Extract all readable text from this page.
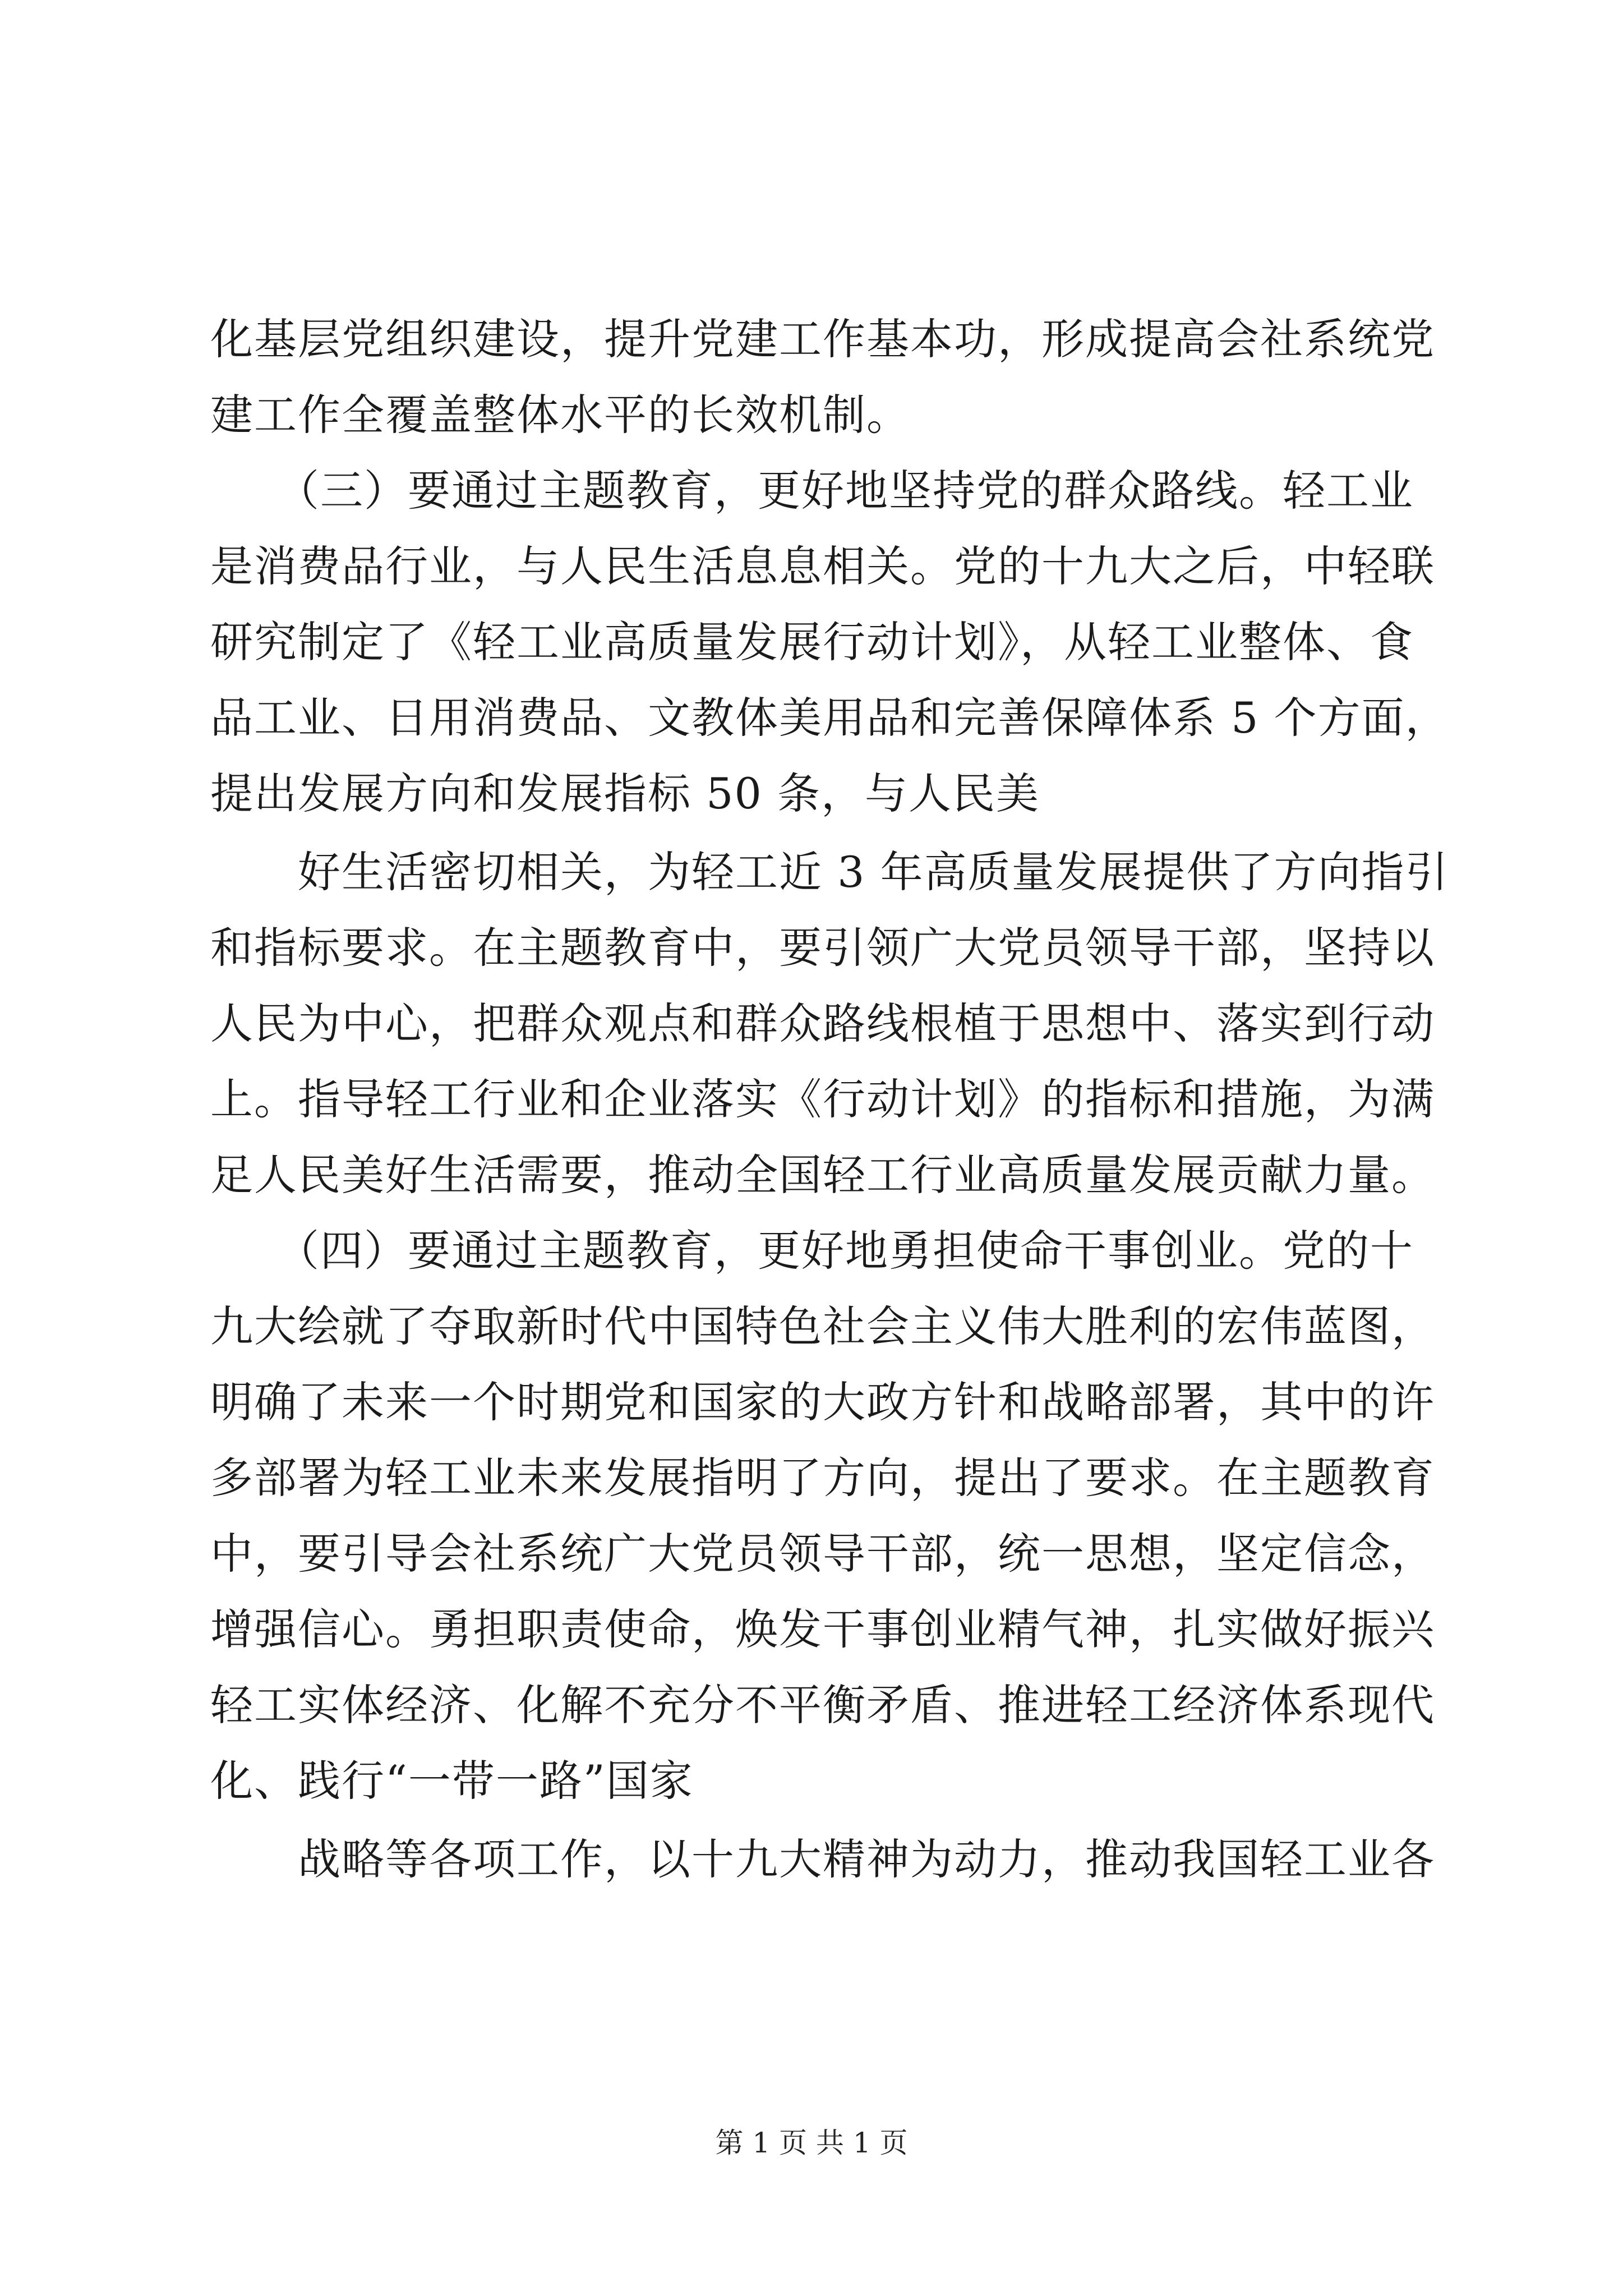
化基层党组织建设，提升党建工作基本功，形成提高会社系统党
建工作全覆盖整体水平的长效机制。
　　（三）要通过主题教育，更好地坚持党的群众路线。轻工业
是消费品行业，与人民生活息息相关。党的十九大之后，中轻联
研究制定了《轻工业高质量发展行动计划》，从轻工业整体、食
品工业、日用消费品、文教体美用品和完善保障体系 5 个方面，
提出发展方向和发展指标 50 条，与人民美
　　好生活密切相关，为轻工近 3 年高质量发展提供了方向指引
和指标要求。在主题教育中，要引领广大党员领导干部，坚持以
人民为中心，把群众观点和群众路线根植于思想中、落实到行动
上。指导轻工行业和企业落实《行动计划》的指标和措施，为满
足人民美好生活需要，推动全国轻工行业高质量发展贡献力量。
　　（四）要通过主题教育，更好地勇担使命干事创业。党的十
九大绘就了夺取新时代中国特色社会主义伟大胜利的宏伟蓝图，
明确了未来一个时期党和国家的大政方针和战略部署，其中的许
多部署为轻工业未来发展指明了方向，提出了要求。在主题教育
中，要引导会社系统广大党员领导干部，统一思想，坚定信念，
增强信心。勇担职责使命，焕发干事创业精气神，扎实做好振兴
轻工实体经济、化解不充分不平衡矛盾、推进轻工经济体系现代
化、践行“一带一路”国家
　　战略等各项工作，以十九大精神为动力，推动我国轻工业各
第 1 页 共 1 页
